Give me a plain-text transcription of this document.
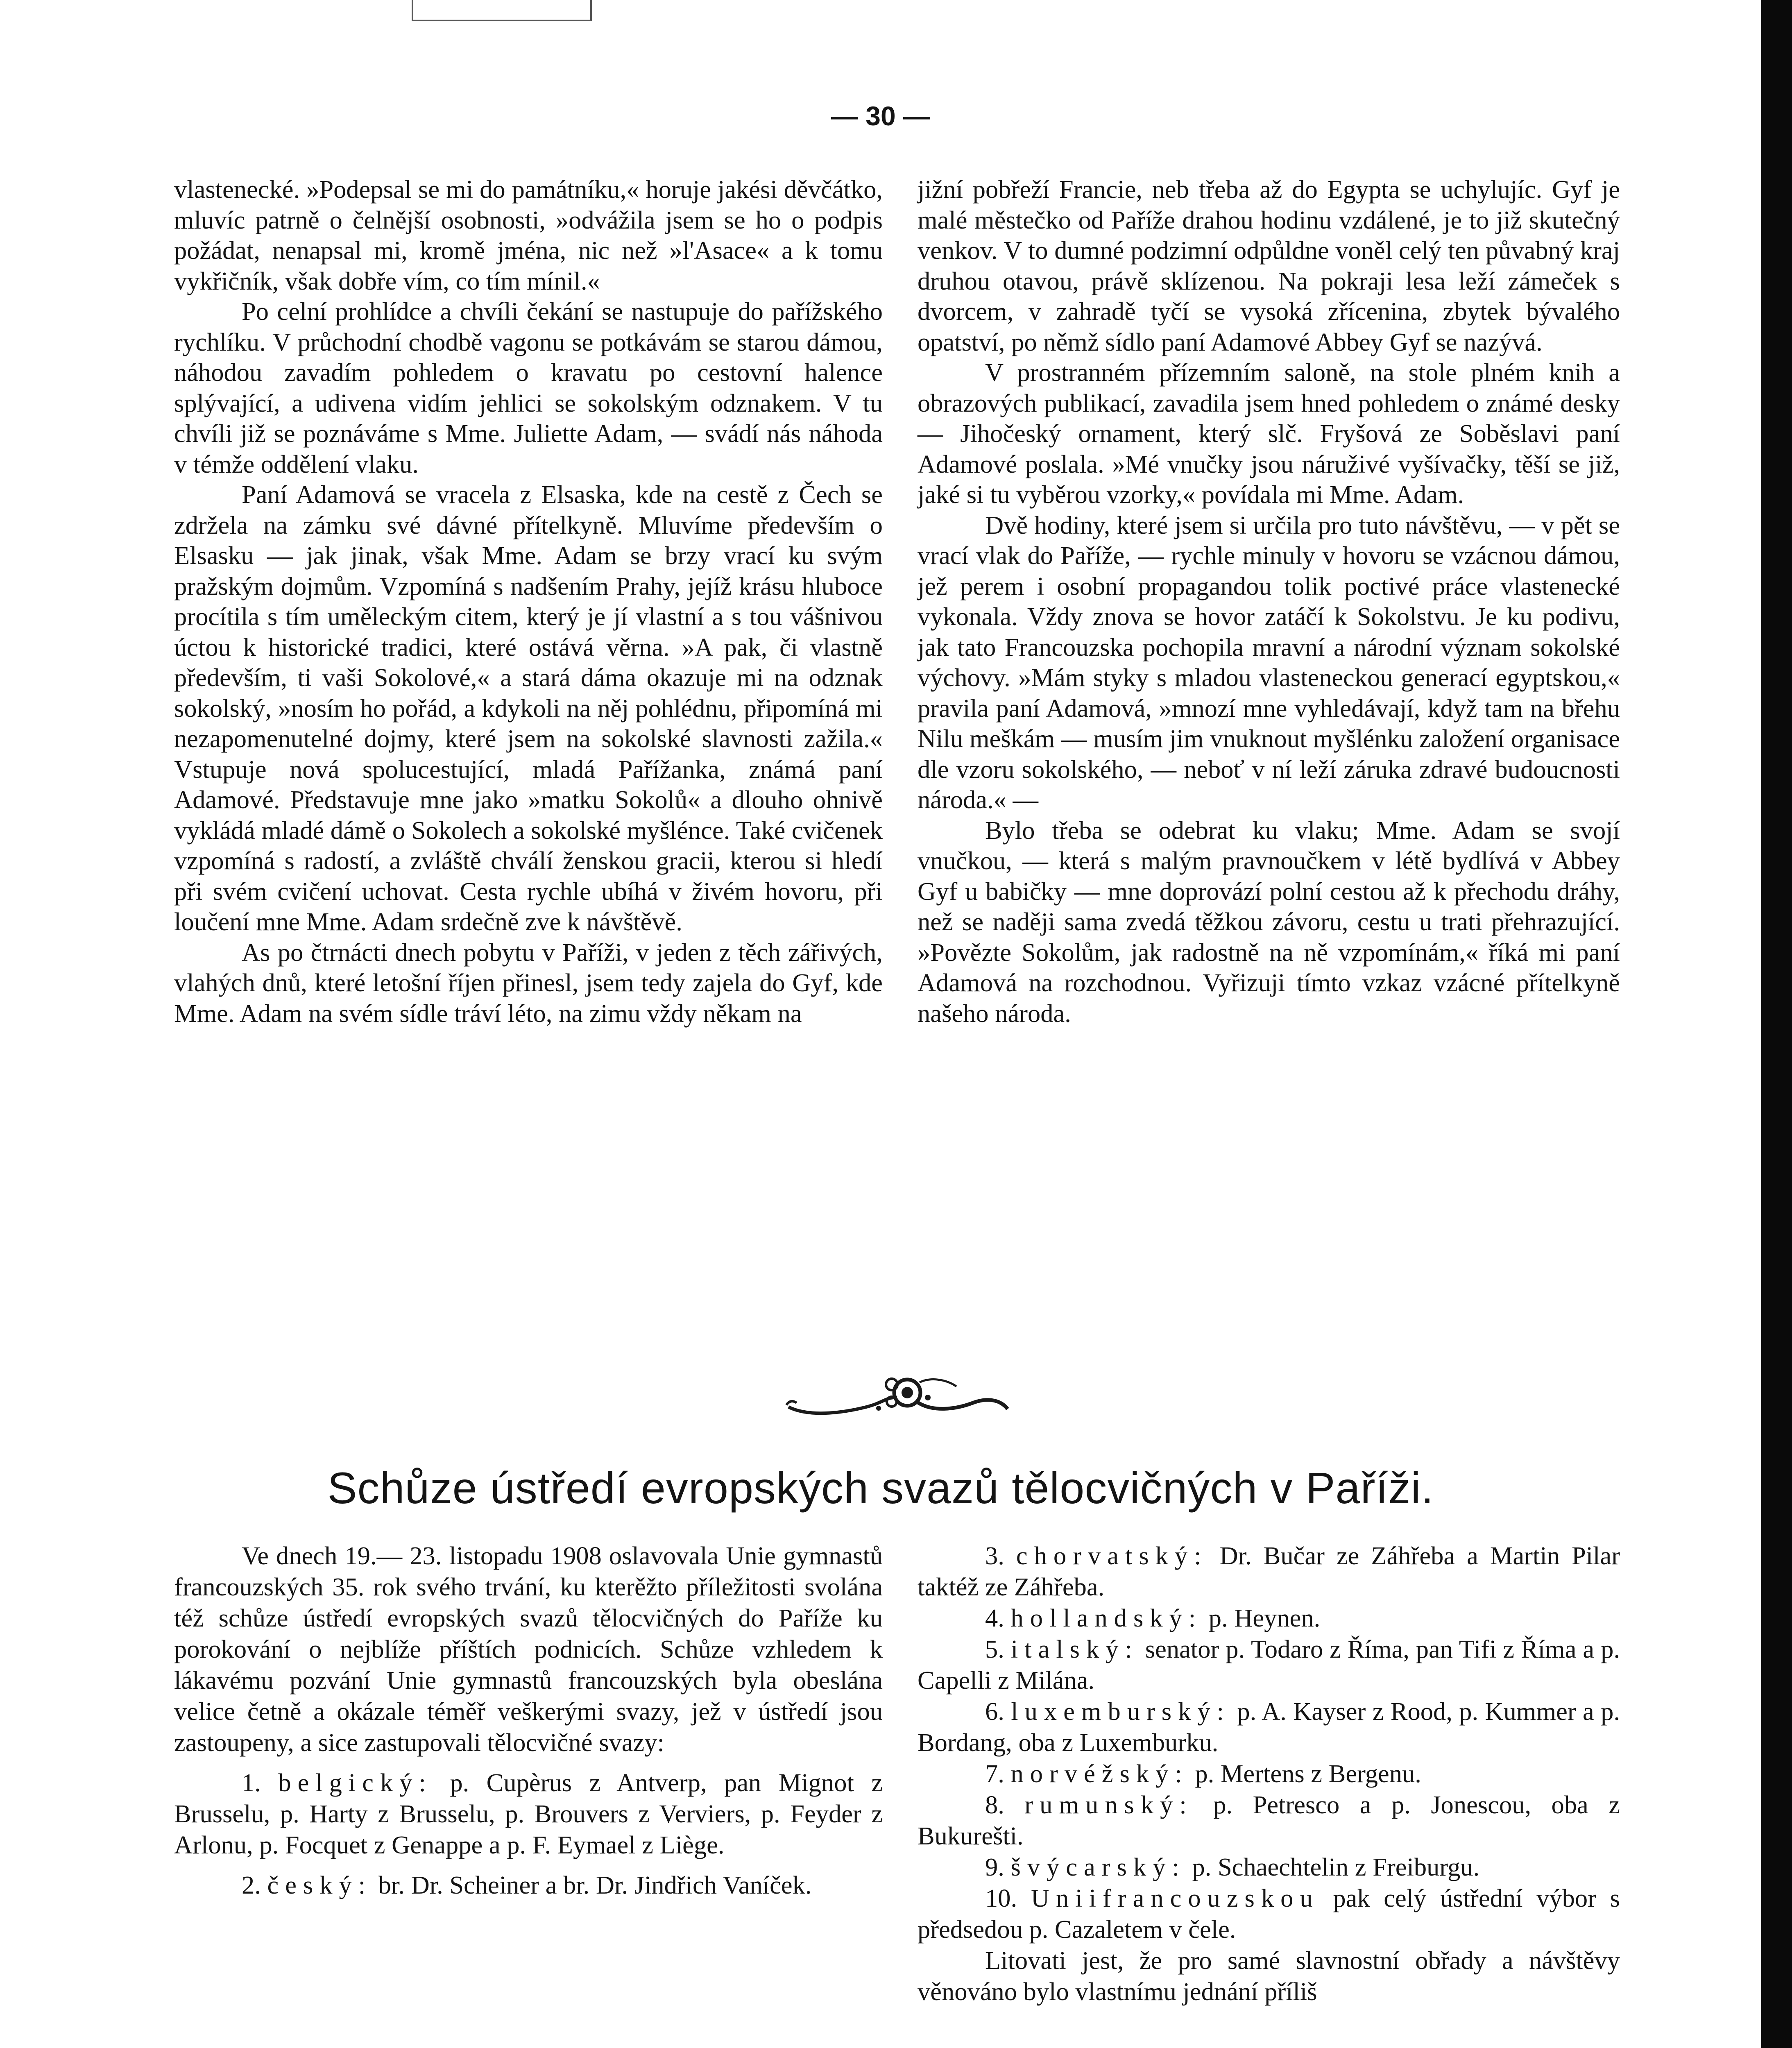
— 30 —

vlastenecké. »Podepsal se mi do památníku,« horuje jakési děvčátko, mluvíc patrně o čelnější osobnosti, »odvážila jsem se ho o podpis požádat, nenapsal mi, kromě jména, nic než »l'Asace« a k tomu vykřičník, však dobře vím, co tím mínil.«

Po celní prohlídce a chvíli čekání se nastupuje do pařížského rychlíku. V průchodní chodbě vagonu se potkávám se starou dámou, náhodou zavadím pohledem o kravatu po cestovní halence splývající, a udivena vidím jehlici se sokolským odznakem. V tu chvíli již se poznáváme s Mme. Juliette Adam, — svádí nás náhoda v témže oddělení vlaku.

Paní Adamová se vracela z Elsaska, kde na cestě z Čech se zdržela na zámku své dávné přítelkyně. Mluvíme především o Elsasku — jak jinak, však Mme. Adam se brzy vrací ku svým pražským dojmům. Vzpomíná s nadšením Prahy, jejíž krásu hluboce procítila s tím uměleckým citem, který je jí vlastní a s tou vášnivou úctou k historické tradici, které ostává věrna. »A pak, či vlastně především, ti vaši Sokolové,« a stará dáma okazuje mi na odznak sokolský, »nosím ho pořád, a kdykoli na něj pohlédnu, připomíná mi nezapomenutelné dojmy, které jsem na sokolské slavnosti zažila.« Vstupuje nová spolucestující, mladá Pařížanka, známá paní Adamové. Představuje mne jako »matku Sokolů« a dlouho ohnivě vykládá mladé dámě o Sokolech a sokolské myšlénce. Také cvičenek vzpomíná s radostí, a zvláště chválí ženskou gracii, kterou si hledí při svém cvičení uchovat. Cesta rychle ubíhá v živém hovoru, při loučení mne Mme. Adam srdečně zve k návštěvě.

As po čtrnácti dnech pobytu v Paříži, v jeden z těch zářivých, vlahých dnů, které letošní říjen přinesl, jsem tedy zajela do Gyf, kde Mme. Adam na svém sídle tráví léto, na zimu vždy někam na

jižní pobřeží Francie, neb třeba až do Egypta se uchylujíc. Gyf je malé městečko od Paříže drahou hodinu vzdálené, je to již skutečný venkov. V to dumné podzimní odpůldne voněl celý ten půvabný kraj druhou otavou, právě sklízenou. Na pokraji lesa leží zámeček s dvorcem, v zahradě tyčí se vysoká zřícenina, zbytek bývalého opatství, po němž sídlo paní Adamové Abbey Gyf se nazývá.

V prostranném přízemním saloně, na stole plném knih a obrazových publikací, zavadila jsem hned pohledem o známé desky — Jihočeský ornament, který slč. Fryšová ze Soběslavi paní Adamové poslala. »Mé vnučky jsou náruživé vyšívačky, těší se již, jaké si tu vyběrou vzorky,« povídala mi Mme. Adam.

Dvě hodiny, které jsem si určila pro tuto návštěvu, — v pět se vrací vlak do Paříže, — rychle minuly v hovoru se vzácnou dámou, jež perem i osobní propagandou tolik poctivé práce vlastenecké vykonala. Vždy znova se hovor zatáčí k Sokolstvu. Je ku podivu, jak tato Francouzska pochopila mravní a národní význam sokolské výchovy. »Mám styky s mladou vlasteneckou generací egyptskou,« pravila paní Adamová, »mnozí mne vyhledávají, když tam na břehu Nilu meškám — musím jim vnuknout myšlénku založení organisace dle vzoru sokolského, — neboť v ní leží záruka zdravé budoucnosti národa.« —

Bylo třeba se odebrat ku vlaku; Mme. Adam se svojí vnučkou, — která s malým pravnoučkem v létě bydlívá v Abbey Gyf u babičky — mne doprovází polní cestou až k přechodu dráhy, než se naději sama zvedá těžkou závoru, cestu u trati přehrazující. »Povězte Sokolům, jak radostně na ně vzpomínám,« říká mi paní Adamová na rozchodnou. Vyřizuji tímto vzkaz vzácné přítelkyně našeho národa.

Schůze ústředí evropských svazů tělocvičných v Paříži.

Ve dnech 19.— 23. listopadu 1908 oslavovala Unie gymnastů francouzských 35. rok svého trvání, ku kterěžto příležitosti svolána též schůze ústředí evropských svazů tělocvičných do Paříže ku porokování o nejblíže příštích podnicích. Schůze vzhledem k lákavému pozvání Unie gymnastů francouzských byla obeslána velice četně a okázale téměř veškerými svazy, jež v ústředí jsou zastoupeny, a sice zastupovali tělocvičné svazy:

1. belgický: p. Cupèrus z Antverp, pan Mignot z Brusselu, p. Harty z Brusselu, p. Brouvers z Verviers, p. Feyder z Arlonu, p. Focquet z Genappe a p. F. Eymael z Liège.

2. český: br. Dr. Scheiner a br. Dr. Jindřich Vaníček.

3. chorvatský: Dr. Bučar ze Záhřeba a Martin Pilar taktéž ze Záhřeba.

4. hollandský: p. Heynen.

5. italský: senator p. Todaro z Říma, pan Tifi z Říma a p. Capelli z Milána.

6. luxemburský: p. A. Kayser z Rood, p. Kummer a p. Bordang, oba z Luxemburku.

7. norvéžský: p. Mertens z Bergenu.

8. rumunský: p. Petresco a p. Jonescou, oba z Bukurešti.

9. švýcarský: p. Schaechtelin z Freiburgu.

10. Uniifrancouzskou pak celý ústřední výbor s předsedou p. Cazaletem v čele.

Litovati jest, že pro samé slavnostní obřady a návštěvy věnováno bylo vlastnímu jednání příliš
